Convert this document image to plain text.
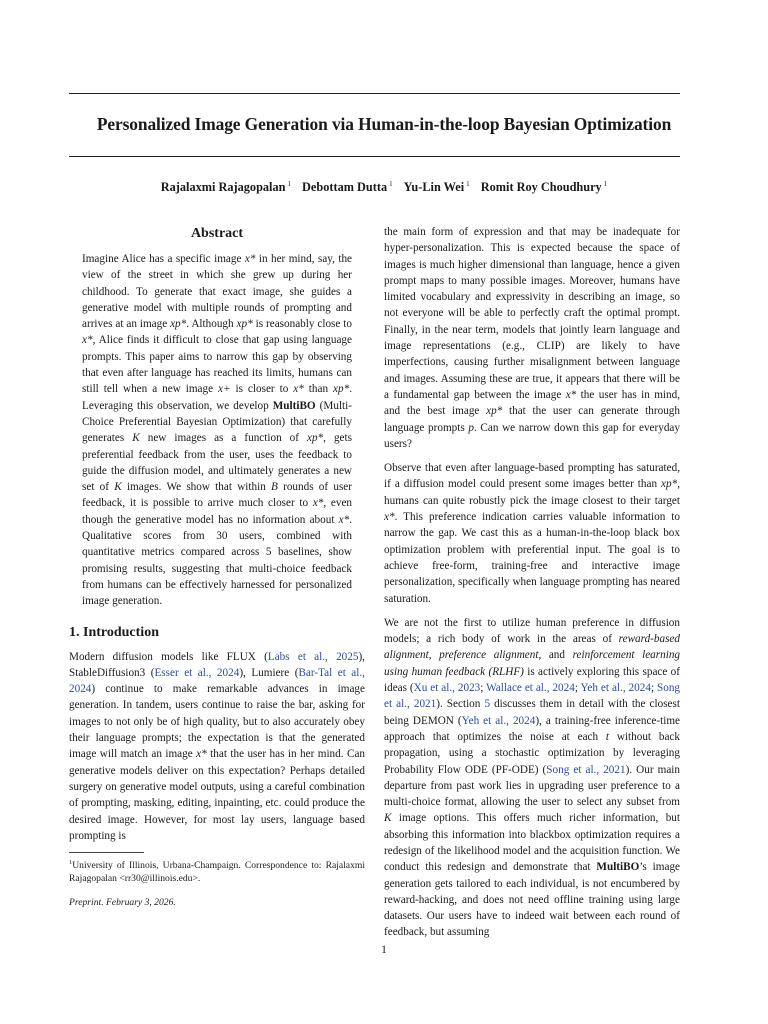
Personalized Image Generation via Human-in-the-loop Bayesian Optimization
Rajalaxmi Rajagopalan $^1$ Debottam Dutta $^1$ Yu-Lin Wei $^1$ Romit Roy Choudhury $^1$
Abstract
Imagine Alice has a specific image x* in her mind, say, the view of the street in which she grew up during her childhood. To generate that exact image, she guides a generative model with multiple rounds of prompting and arrives at an image xp*. Although xp* is reasonably close to x*, Alice finds it difficult to close that gap using language prompts. This paper aims to narrow this gap by observing that even after language has reached its limits, humans can still tell when a new image x+ is closer to x* than xp*. Leveraging this observation, we develop MultiBO (Multi-Choice Preferential Bayesian Optimization) that carefully generates K new images as a function of xp*, gets preferential feedback from the user, uses the feedback to guide the diffusion model, and ultimately generates a new set of K images. We show that within B rounds of user feedback, it is possible to arrive much closer to x*, even though the generative model has no information about x*. Qualitative scores from 30 users, combined with quantitative metrics compared across 5 baselines, show promising results, suggesting that multi-choice feedback from humans can be effectively harnessed for personalized image generation.
1. Introduction
Modern diffusion models like FLUX (Labs et al., 2025), StableDiffusion3 (Esser et al., 2024), Lumiere (Bar-Tal et al., 2024) continue to make remarkable advances in image generation. In tandem, users continue to raise the bar, asking for images to not only be of high quality, but to also accurately obey their language prompts; the expectation is that the generated image will match an image x* that the user has in her mind. Can generative models deliver on this expectation? Perhaps detailed surgery on generative model outputs, using a careful combination of prompting, masking, editing, inpainting, etc. could produce the desired image. However, for most lay users, language based prompting is
$^1$University of Illinois, Urbana-Champaign. Correspondence to: Rajalaxmi Rajagopalan <rr30@illinois.edu>.
Preprint. February 3, 2026.
the main form of expression and that may be inadequate for hyper-personalization. This is expected because the space of images is much higher dimensional than language, hence a given prompt maps to many possible images. Moreover, humans have limited vocabulary and expressivity in describing an image, so not everyone will be able to perfectly craft the optimal prompt. Finally, in the near term, models that jointly learn language and image representations (e.g., CLIP) are likely to have imperfections, causing further misalignment between language and images. Assuming these are true, it appears that there will be a fundamental gap between the image x* the user has in mind, and the best image xp* that the user can generate through language prompts p. Can we narrow down this gap for everyday users?
Observe that even after language-based prompting has saturated, if a diffusion model could present some images better than xp*, humans can quite robustly pick the image closest to their target x*. This preference indication carries valuable information to narrow the gap. We cast this as a human-in-the-loop black box optimization problem with preferential input. The goal is to achieve free-form, training-free and interactive image personalization, specifically when language prompting has neared saturation.
We are not the first to utilize human preference in diffusion models; a rich body of work in the areas of reward-based alignment, preference alignment, and reinforcement learning using human feedback (RLHF) is actively exploring this space of ideas (Xu et al., 2023; Wallace et al., 2024; Yeh et al., 2024; Song et al., 2021). Section 5 discusses them in detail with the closest being DEMON (Yeh et al., 2024), a training-free inference-time approach that optimizes the noise at each t without back propagation, using a stochastic optimization by leveraging Probability Flow ODE (PF-ODE) (Song et al., 2021). Our main departure from past work lies in upgrading user preference to a multi-choice format, allowing the user to select any subset from K image options. This offers much richer information, but absorbing this information into blackbox optimization requires a redesign of the likelihood model and the acquisition function. We conduct this redesign and demonstrate that MultiBO’s image generation gets tailored to each individual, is not encumbered by reward-hacking, and does not need offline training using large datasets. Our users have to indeed wait between each round of feedback, but assuming
1
